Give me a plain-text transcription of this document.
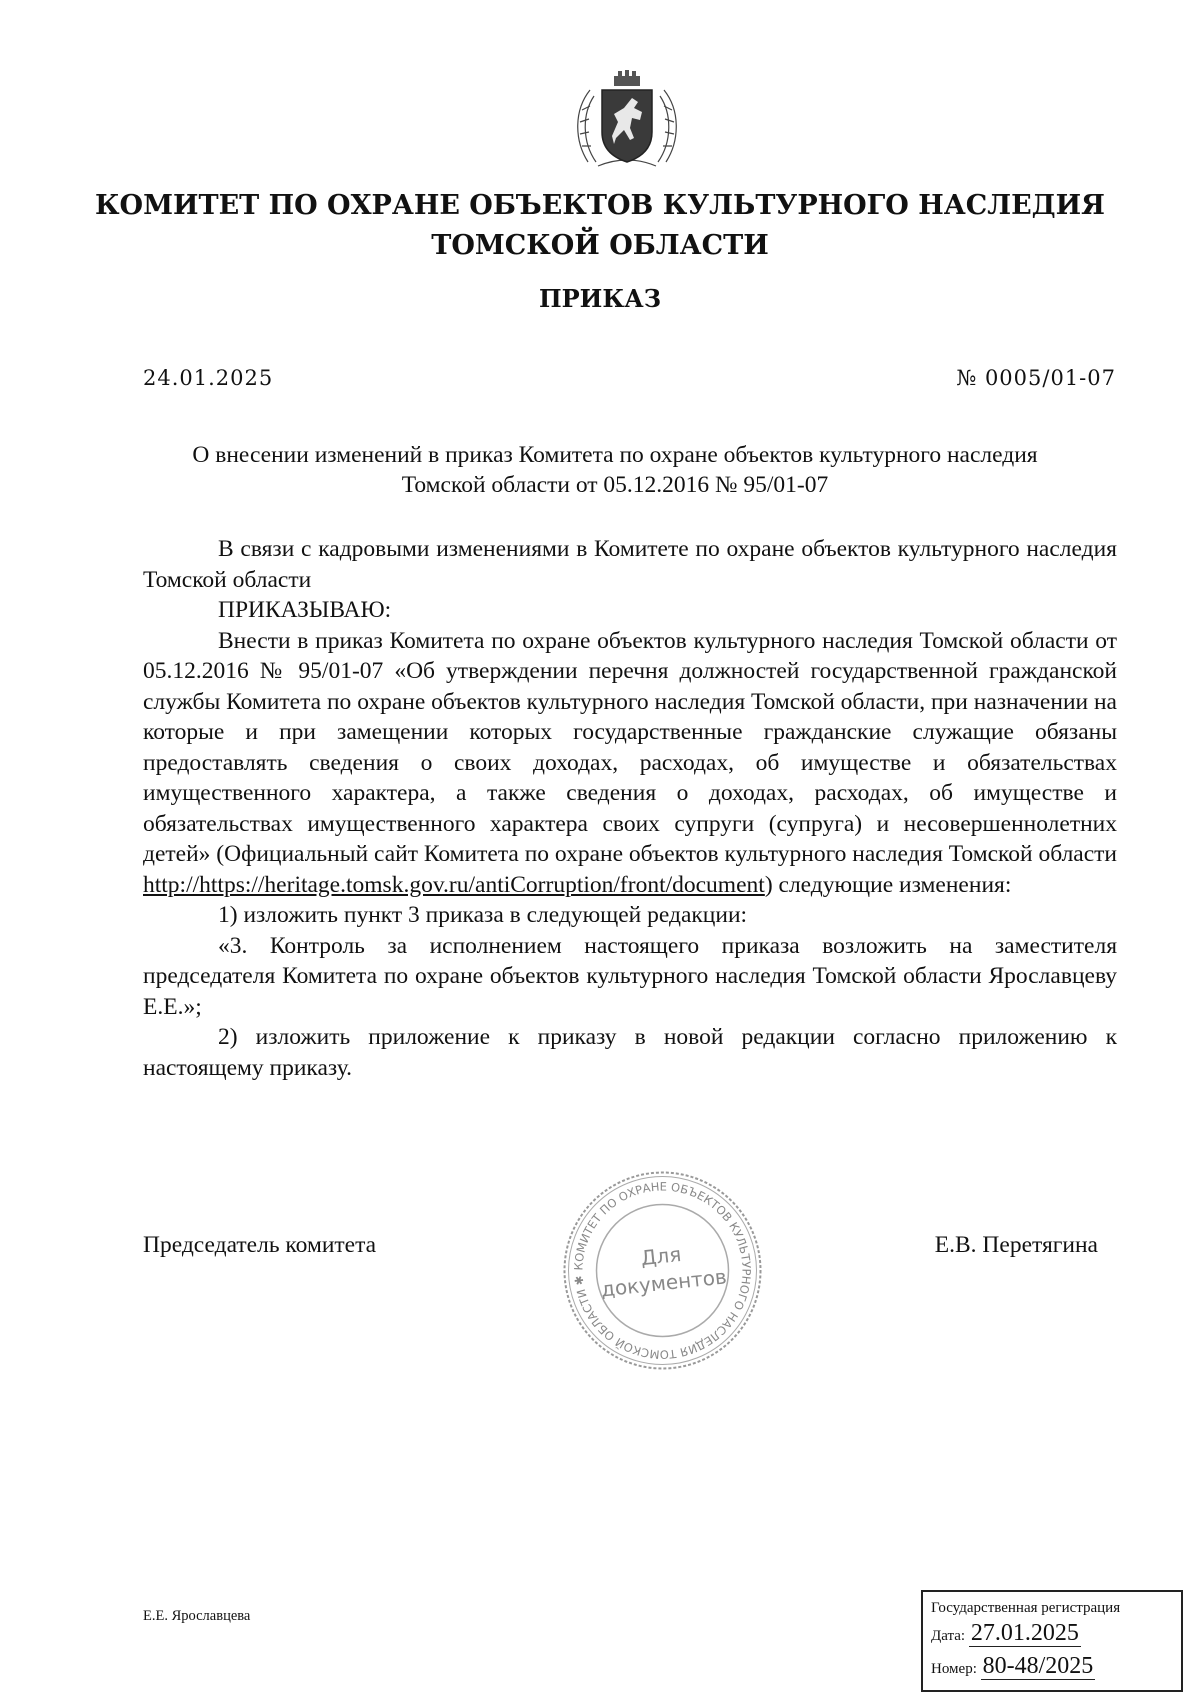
КОМИТЕТ ПО ОХРАНЕ ОБЪЕКТОВ КУЛЬТУРНОГО НАСЛЕДИЯ
ТОМСКОЙ ОБЛАСТИ
ПРИКАЗ
24.01.2025	№ 0005/01-07
О внесении изменений в приказ Комитета по охране объектов культурного наследия
Томской области от 05.12.2016 № 95/01-07

В связи с кадровыми изменениями в Комитете по охране объектов культурного наследия Томской области

ПРИКАЗЫВАЮ:

Внести в приказ Комитета по охране объектов культурного наследия Томской области от 05.12.2016 № 95/01-07 «Об утверждении перечня должностей государственной гражданской службы Комитета по охране объектов культурного наследия Томской области, при назначении на которые и при замещении которых государственные гражданские служащие обязаны предоставлять сведения о своих доходах, расходах, об имуществе и обязательствах имущественного характера, а также сведения о доходах, расходах, об имуществе и обязательствах имущественного характера своих супруги (супруга) и несовершеннолетних детей» (Официальный сайт Комитета по охране объектов культурного наследия Томской области http://https://heritage.tomsk.gov.ru/antiCorruption/front/document) следующие изменения:

1) изложить пункт 3 приказа в следующей редакции:

«3. Контроль за исполнением настоящего приказа возложить на заместителя председателя Комитета по охране объектов культурного наследия Томской области Ярославцеву Е.Е.»;

2) изложить приложение к приказу в новой редакции согласно приложению к настоящему приказу.

Председатель комитета	Е.В. Перетягина
КОМИТЕТ ПО ОХРАНЕ ОБЪЕКТОВ КУЛЬТУРНОГО НАСЛЕДИЯ ТОМСКОЙ ОБЛАСТИ ✱
Для
документов
Е.Е. Ярославцева	Государственная регистрация
Дата: 27.01.2025
Номер: 80-48/2025
